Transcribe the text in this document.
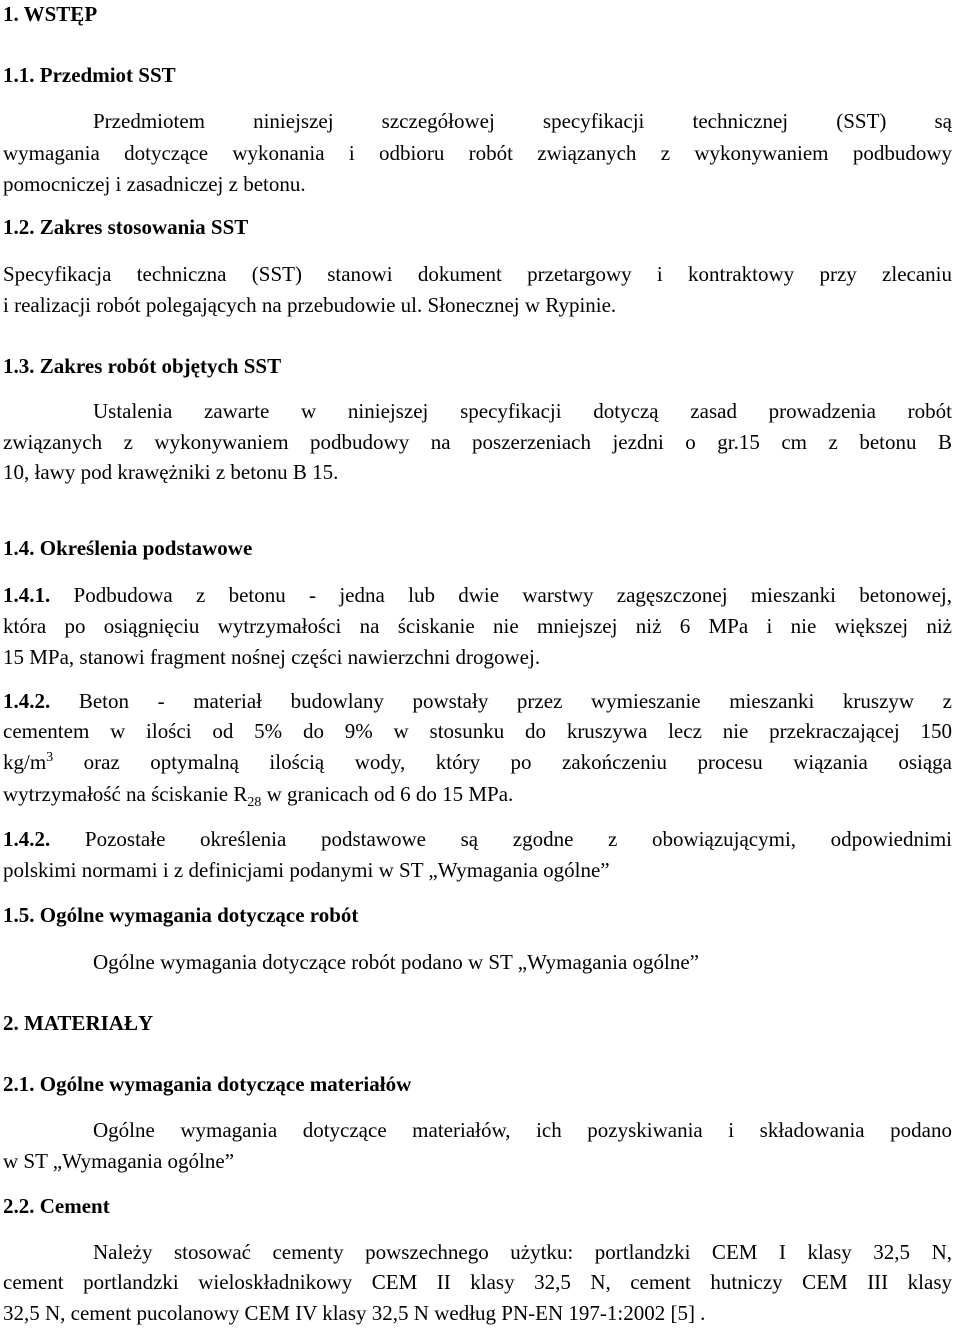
1. WSTĘP
1.1. Przedmiot SST
Przedmiotem niniejszej szczegółowej specyfikacji technicznej (SST) są
wymagania dotyczące wykonania i odbioru robót związanych z wykonywaniem podbudowy
pomocniczej i zasadniczej z betonu.
1.2. Zakres stosowania SST
Specyfikacja techniczna (SST) stanowi dokument przetargowy i kontraktowy przy zlecaniu
i realizacji robót polegających na przebudowie ul. Słonecznej w Rypinie.
1.3. Zakres robót objętych SST
Ustalenia zawarte w niniejszej specyfikacji dotyczą zasad prowadzenia robót
związanych z wykonywaniem podbudowy na poszerzeniach jezdni o gr.15 cm z betonu B
10, ławy pod krawężniki z betonu B 15.
1.4. Określenia podstawowe
1.4.1. Podbudowa z betonu - jedna lub dwie warstwy zagęszczonej mieszanki betonowej,
która po osiągnięciu wytrzymałości na ściskanie nie mniejszej niż 6 MPa i nie większej niż
15 MPa, stanowi fragment nośnej części nawierzchni drogowej.
1.4.2. Beton - materiał budowlany powstały przez wymieszanie mieszanki kruszyw z
cementem w ilości od 5% do 9% w stosunku do kruszywa lecz nie przekraczającej 150
$kg/m^3$ oraz optymalną ilością wody, który po zakończeniu procesu wiązania osiąga
wytrzymałość na ściskanie $R_{28}$ w granicach od 6 do 15 MPa.
1.4.2. Pozostałe określenia podstawowe są zgodne z obowiązującymi, odpowiednimi
polskimi normami i z definicjami podanymi w ST „Wymagania ogólne”
1.5. Ogólne wymagania dotyczące robót
Ogólne wymagania dotyczące robót podano w ST „Wymagania ogólne”
2. MATERIAŁY
2.1. Ogólne wymagania dotyczące materiałów
Ogólne wymagania dotyczące materiałów, ich pozyskiwania i składowania podano
w ST „Wymagania ogólne”
2.2. Cement
Należy stosować cementy powszechnego użytku: portlandzki CEM I klasy 32,5 N,
cement portlandzki wieloskładnikowy CEM II klasy 32,5 N, cement hutniczy CEM III klasy
32,5 N, cement pucolanowy CEM IV klasy 32,5 N według PN-EN 197-1:2002 [5] .
